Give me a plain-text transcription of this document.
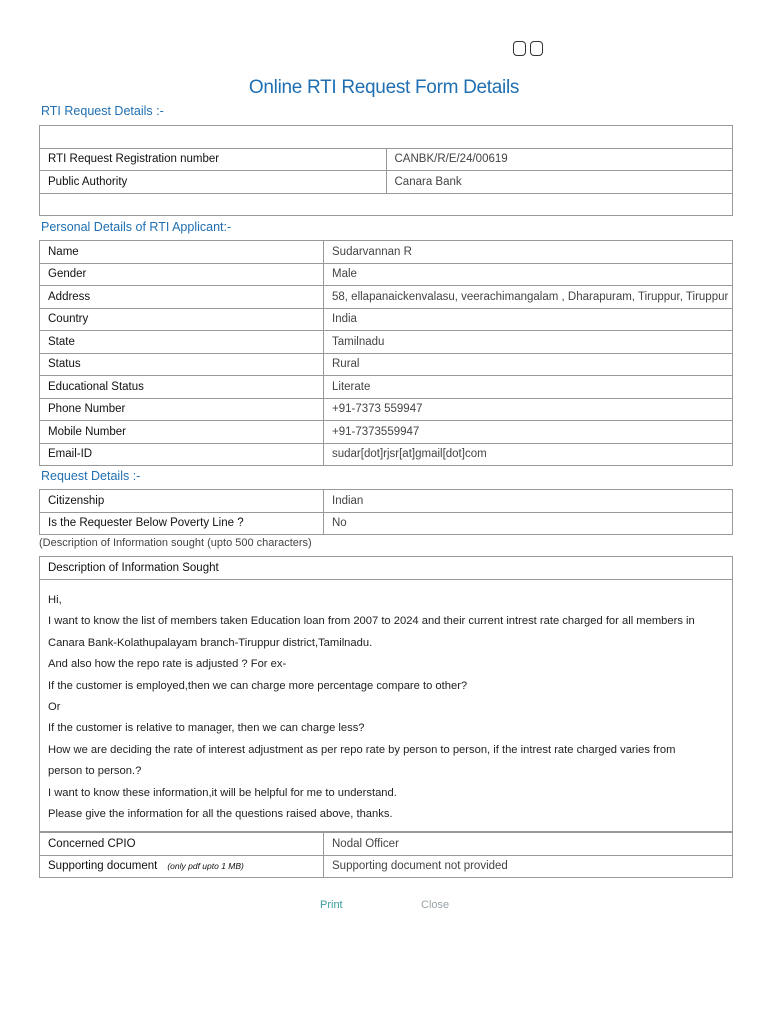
Online RTI Request Form Details
RTI Request Details :-

RTI Request Registration number	CANBK/R/E/24/00619
Public Authority	Canara Bank

Personal Details of RTI Applicant:-
Name	Sudarvannan R
Gender	Male
Address	58, ellapanaickenvalasu, veerachimangalam , Dharapuram, Tiruppur, Tiruppur
Country	India
State	Tamilnadu
Status	Rural
Educational Status	Literate
Phone Number	+91-7373 559947
Mobile Number	+91-7373559947
Email-ID	sudar[dot]rjsr[at]gmail[dot]com
Request Details :-
Citizenship	Indian
Is the Requester Below Poverty Line ?	No
(Description of Information sought (upto 500 characters)
Description of Information Sought
Hi,
I want to know the list of members taken Education loan from 2007 to 2024 and their current intrest rate charged for all members in
Canara Bank-Kolathupalayam branch-Tiruppur district,Tamilnadu.
And also how the repo rate is adjusted ? For ex-
If the customer is employed,then we can charge more percentage compare to other?
Or
If the customer is relative to manager, then we can charge less?
How we are deciding the rate of interest adjustment as per repo rate by person to person, if the intrest rate charged varies from
person to person.?
I want to know these information,it will be helpful for me to understand.
Please give the information for all the questions raised above, thanks.
Concerned CPIO	Nodal Officer
Supporting document (only pdf upto 1 MB)	Supporting document not provided
Print	Close
